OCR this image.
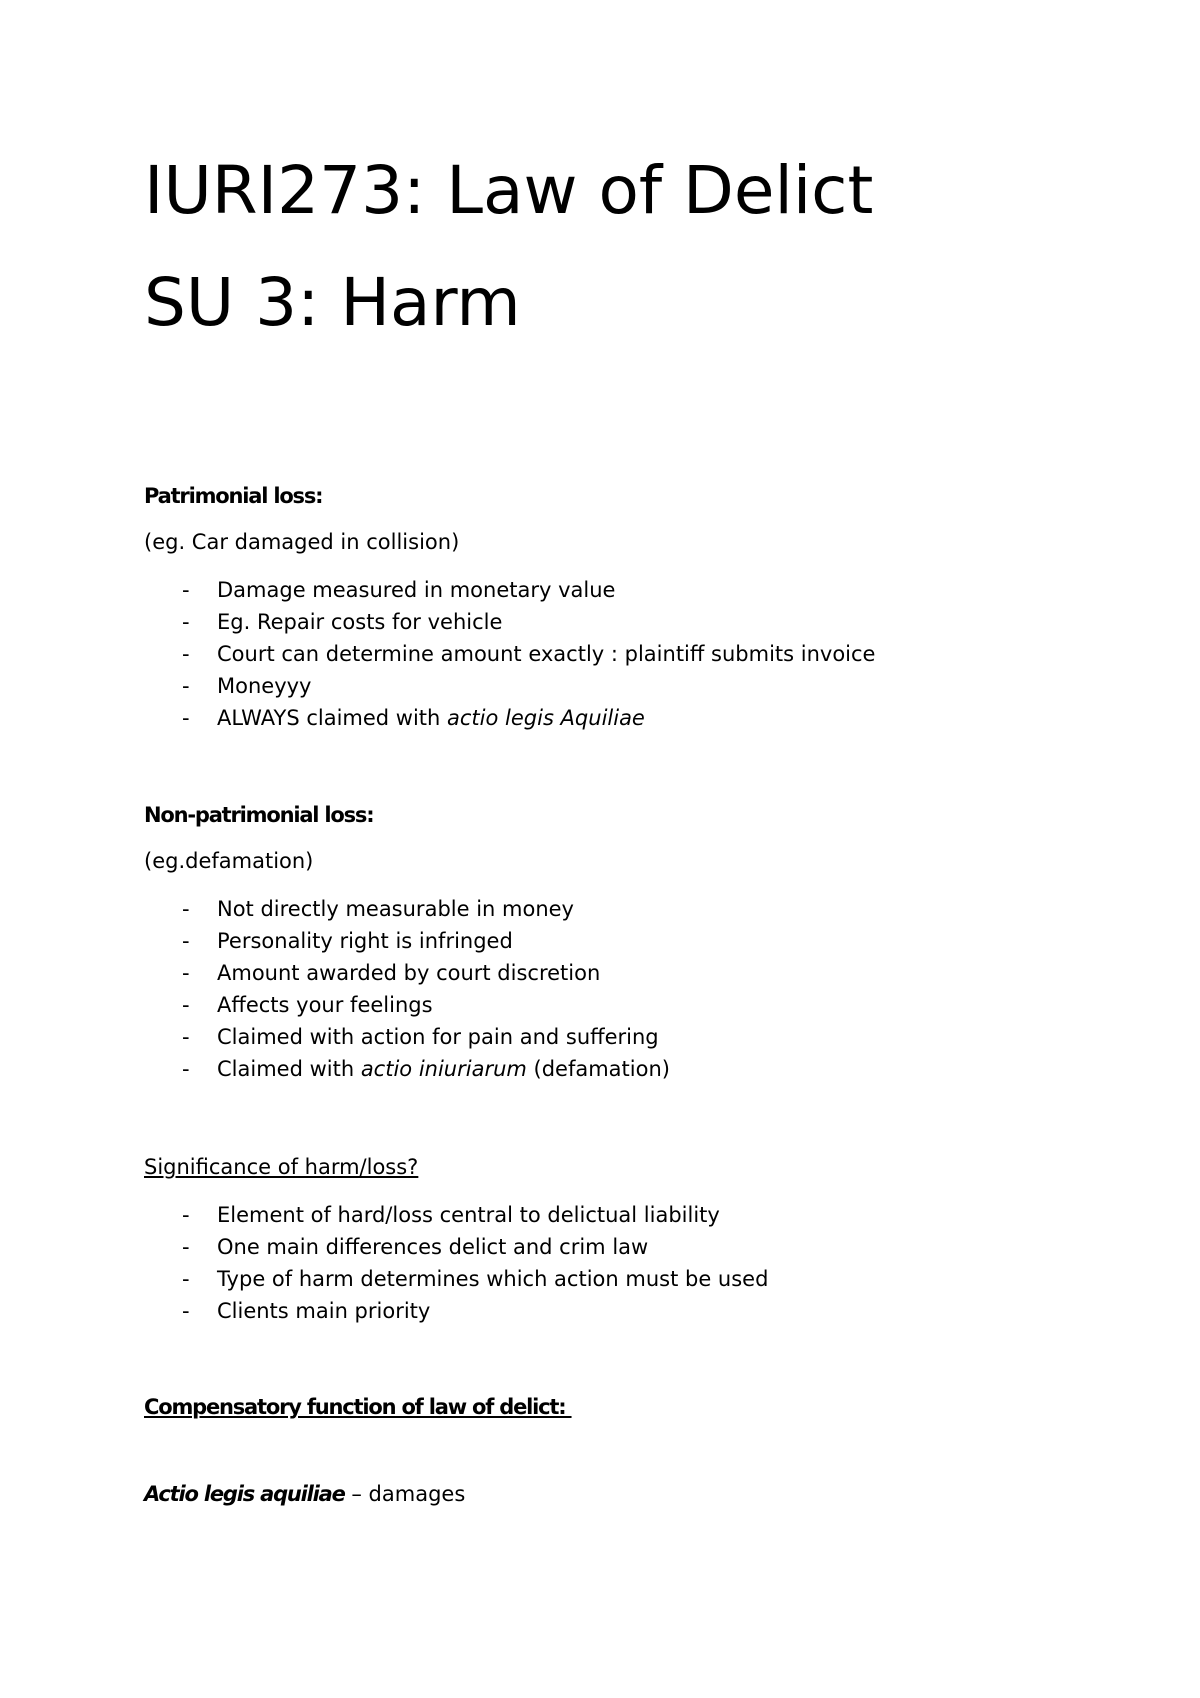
IURI273: Law of Delict
SU 3: Harm

Patrimonial loss:

(eg. Car damaged in collision)

- Damage measured in monetary value
- Eg. Repair costs for vehicle
- Court can determine amount exactly : plaintiff submits invoice
- Moneyyy
- ALWAYS claimed with actio legis Aquiliae

Non-patrimonial loss:

(eg.defamation)

- Not directly measurable in money
- Personality right is infringed
- Amount awarded by court discretion
- Affects your feelings
- Claimed with action for pain and suffering
- Claimed with actio iniuriarum (defamation)

Significance of harm/loss?

- Element of hard/loss central to delictual liability
- One main differences delict and crim law
- Type of harm determines which action must be used
- Clients main priority

Compensatory function of law of delict:

Actio legis aquiliae – damages
